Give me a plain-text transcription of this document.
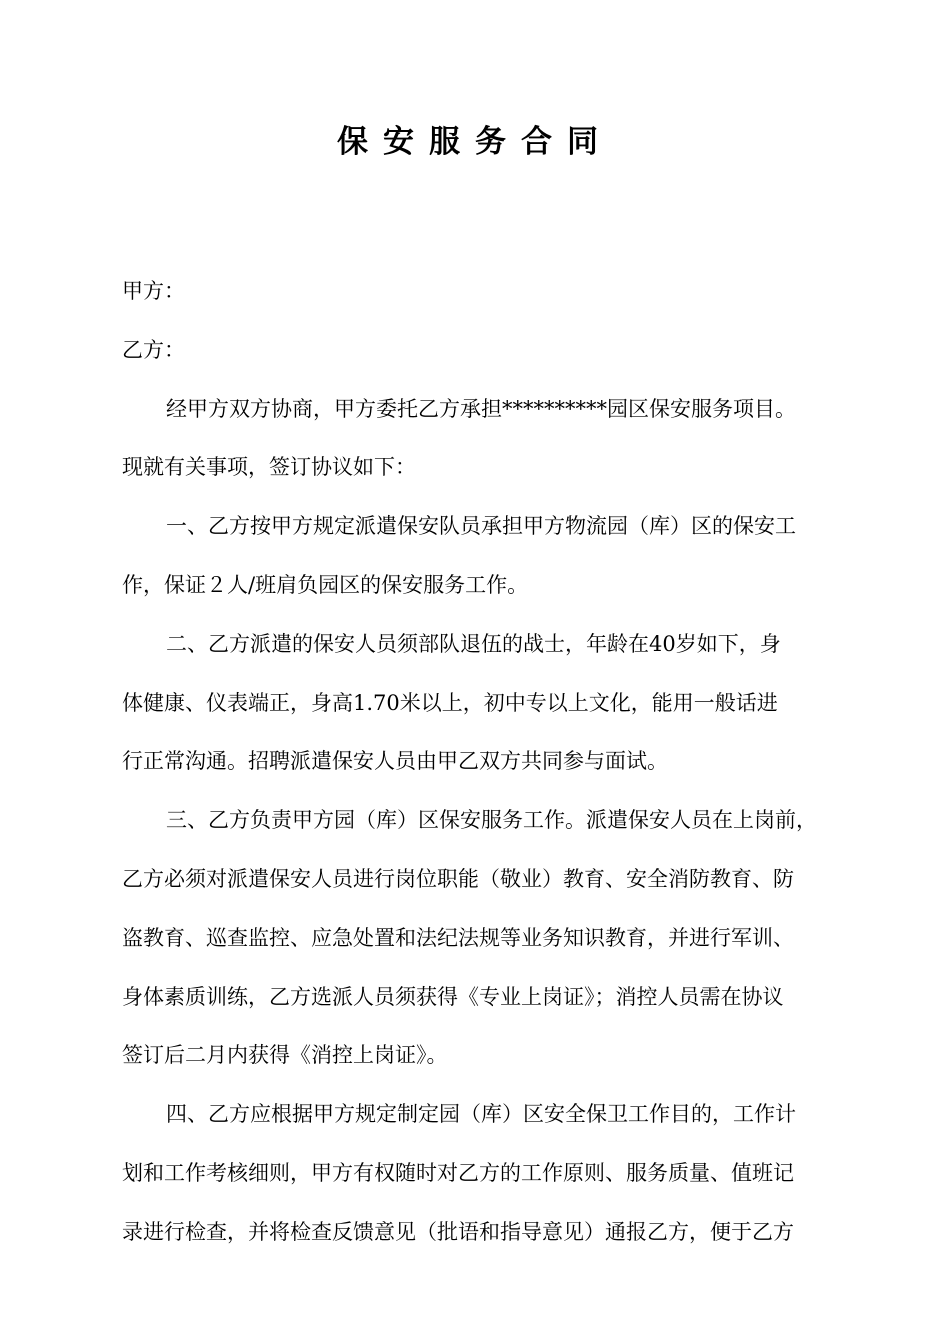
保安服务合同
甲方：
乙方：
经甲方双方协商，甲方委托乙方承担**********园区保安服务项目。
现就有关事项，签订协议如下：
一、乙方按甲方规定派遣保安队员承担甲方物流园（库）区的保安工
作，保证２人/班肩负园区的保安服务工作。
二、乙方派遣的保安人员须部队退伍的战士，年龄在40岁如下，身
体健康、仪表端正，身高1.70米以上，初中专以上文化，能用一般话进
行正常沟通。招聘派遣保安人员由甲乙双方共同参与面试。
三、乙方负责甲方园（库）区保安服务工作。派遣保安人员在上岗前，
乙方必须对派遣保安人员进行岗位职能（敬业）教育、安全消防教育、防
盗教育、巡查监控、应急处置和法纪法规等业务知识教育，并进行军训、
身体素质训练，乙方选派人员须获得《专业上岗证》；消控人员需在协议
签订后二月内获得《消控上岗证》。
四、乙方应根据甲方规定制定园（库）区安全保卫工作目的，工作计
划和工作考核细则，甲方有权随时对乙方的工作原则、服务质量、值班记
录进行检查，并将检查反馈意见（批语和指导意见）通报乙方，便于乙方
